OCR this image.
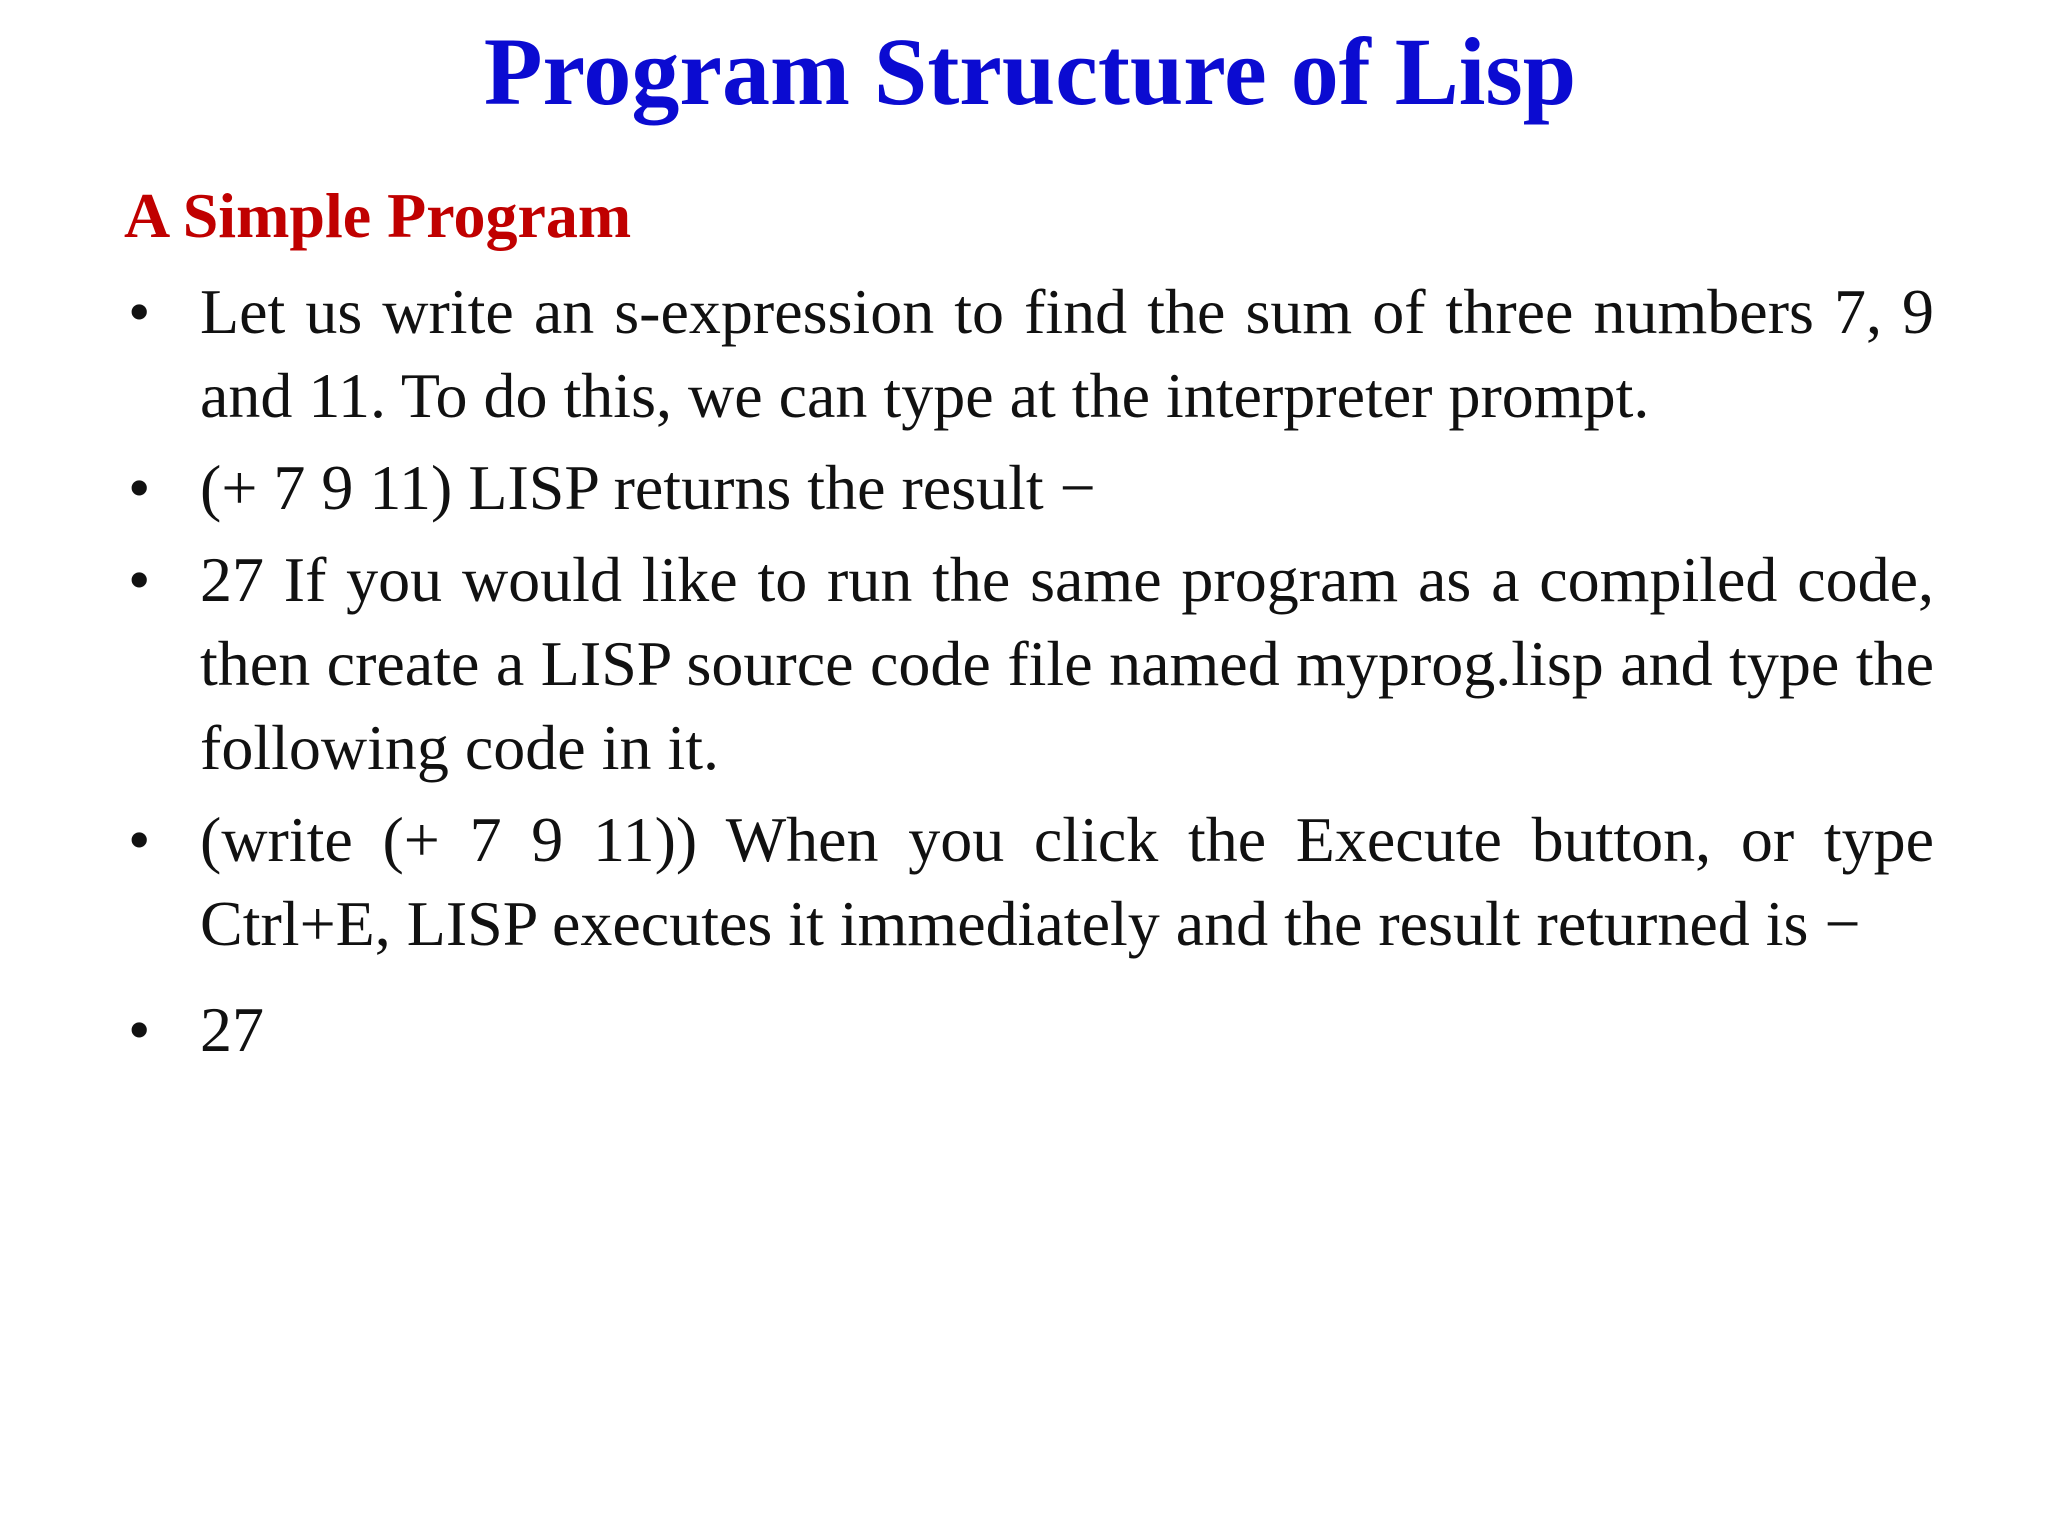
Program Structure of Lisp
A Simple Program
• Let us write an s-expression to find the sum of three numbers 7, 9 and 11. To do this, we can type at the interpreter prompt.
• (+ 7 9 11) LISP returns the result −
• 27 If you would like to run the same program as a compiled code, then create a LISP source code file named myprog.lisp and type the following code in it.
• (write (+ 7 9 11)) When you click the Execute button, or type Ctrl+E, LISP executes it immediately and the result returned is −
• 27
